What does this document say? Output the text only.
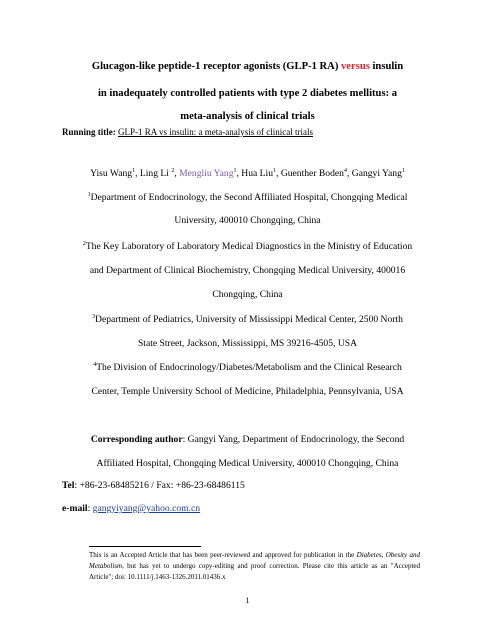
Glucagon-like peptide-1 receptor agonists (GLP-1 RA) versus insulin
in inadequately controlled patients with type 2 diabetes mellitus: a
meta-analysis of clinical trials
Running title: GLP-1 RA vs insulin: a meta-analysis of clinical trials
Yisu Wang$^1$, Ling Li $^2$, Mengliu Yang$^1$, Hua Liu$^1$, Guenther Boden$^4$, Gangyi Yang$^1$
$^1$Department of Endocrinology, the Second Affiliated Hospital, Chongqing Medical
University, 400010 Chongqing, China
$^2$The Key Laboratory of Laboratory Medical Diagnostics in the Ministry of Education
and Department of Clinical Biochemistry, Chongqing Medical University, 400016
Chongqing, China
$^3$Department of Pediatrics, University of Mississippi Medical Center, 2500 North
State Street, Jackson, Mississippi, MS 39216-4505, USA
$^4$The Division of Endocrinology/Diabetes/Metabolism and the Clinical Research
Center, Temple University School of Medicine, Philadelphia, Pennsylvania, USA
Corresponding author: Gangyi Yang, Department of Endocrinology, the Second
Affiliated Hospital, Chongqing Medical University, 400010 Chongqing, China
Tel: +86-23-68485216 / Fax: +86-23-68486115
e-mail: gangyiyang@yahoo.com.cn
This is an Accepted Article that has been peer-reviewed and approved for publication in the Diabetes, Obesity and Metabolism, but has yet to undergo copy-editing and proof correction. Please cite this article as an "Accepted Article"; doi: 10.1111/j.1463-1326.2011.01436.x
1
